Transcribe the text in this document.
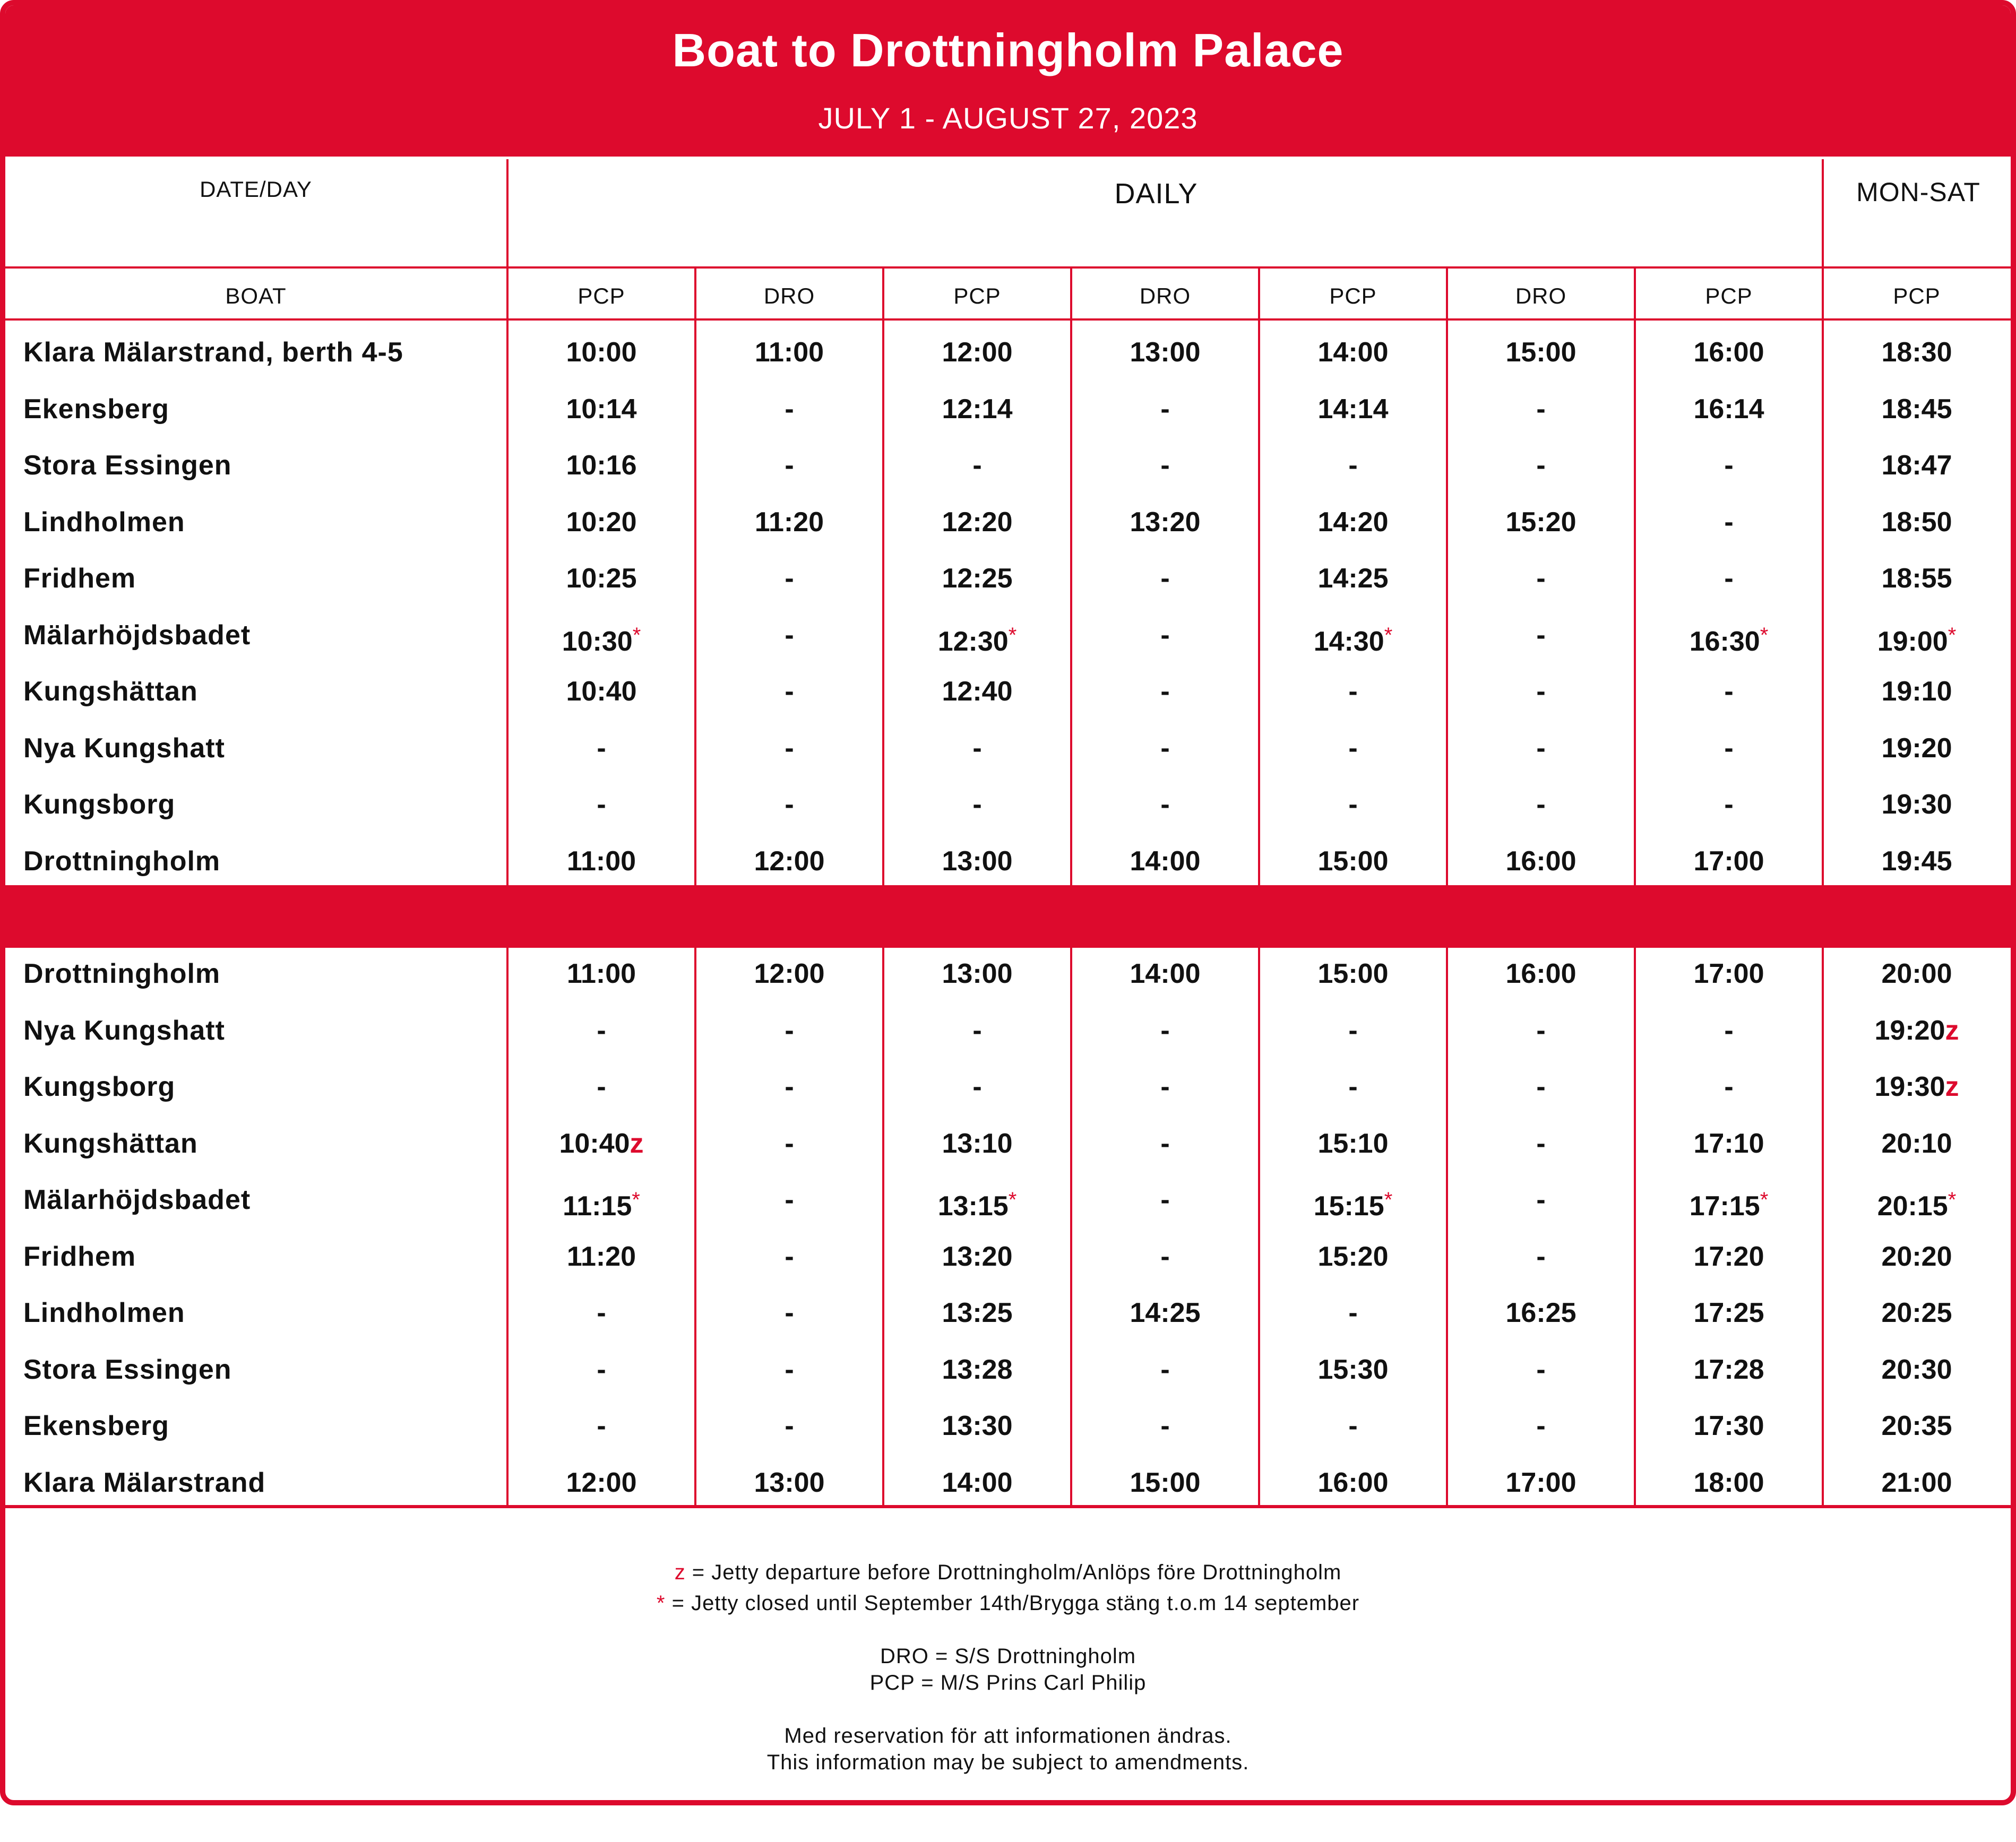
Boat to Drottningholm Palace
JULY 1 - AUGUST 27, 2023
DATE/DAY	DAILY	MON-SAT
BOAT	PCP	DRO	PCP	DRO	PCP	DRO	PCP	PCP
Klara Mälarstrand, berth 4-5	10:00	11:00	12:00	13:00	14:00	15:00	16:00	18:30
Ekensberg	10:14	-	12:14	-	14:14	-	16:14	18:45
Stora Essingen	10:16	-	-	-	-	-	-	18:47
Lindholmen	10:20	11:20	12:20	13:20	14:20	15:20	-	18:50
Fridhem	10:25	-	12:25	-	14:25	-	-	18:55
Mälarhöjdsbadet	10:30*	-	12:30*	-	14:30*	-	16:30*	19:00*
Kungshättan	10:40	-	12:40	-	-	-	-	19:10
Nya Kungshatt	-	-	-	-	-	-	-	19:20
Kungsborg	-	-	-	-	-	-	-	19:30
Drottningholm	11:00	12:00	13:00	14:00	15:00	16:00	17:00	19:45
Drottningholm	11:00	12:00	13:00	14:00	15:00	16:00	17:00	20:00
Nya Kungshatt	-	-	-	-	-	-	-	19:20z
Kungsborg	-	-	-	-	-	-	-	19:30z
Kungshättan	10:40z	-	13:10	-	15:10	-	17:10	20:10
Mälarhöjdsbadet	11:15*	-	13:15*	-	15:15*	-	17:15*	20:15*
Fridhem	11:20	-	13:20	-	15:20	-	17:20	20:20
Lindholmen	-	-	13:25	14:25	-	16:25	17:25	20:25
Stora Essingen	-	-	13:28	-	15:30	-	17:28	20:30
Ekensberg	-	-	13:30	-	-	-	17:30	20:35
Klara Mälarstrand	12:00	13:00	14:00	15:00	16:00	17:00	18:00	21:00
z = Jetty departure before Drottningholm/Anlöps före Drottningholm
* = Jetty closed until September 14th/Brygga stäng t.o.m 14 september
DRO = S/S Drottningholm
PCP = M/S Prins Carl Philip
Med reservation för att informationen ändras.
This information may be subject to amendments.
